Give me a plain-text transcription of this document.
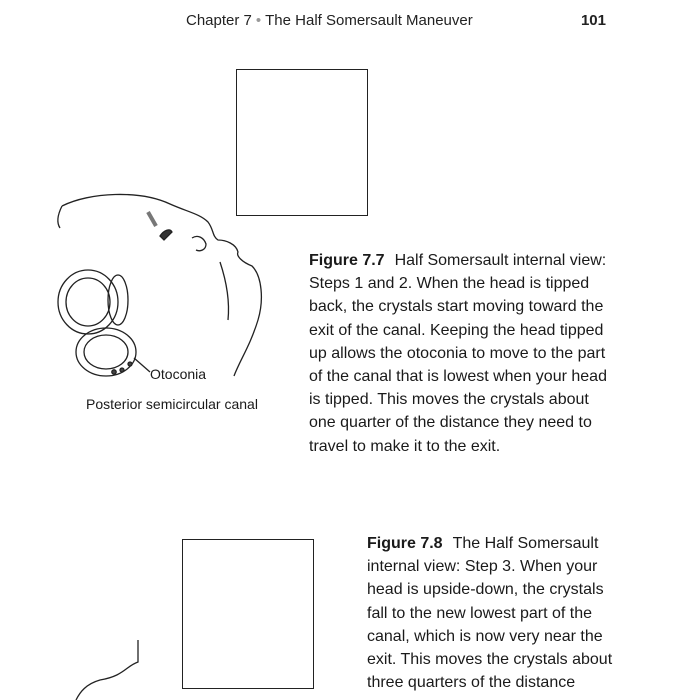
Chapter 7 • The Half Somersault Maneuver	101
Otoconia
Posterior semicircular canal
Figure 7.7 Half Somersault internal view: Steps 1 and 2. When the head is tipped back, the crystals start moving toward the exit of the canal. Keeping the head tipped up allows the otoconia to move to the part of the canal that is lowest when your head is tipped. This moves the crystals about one quarter of the distance they need to travel to make it to the exit.
Figure 7.8 The Half Somersault internal view: Step 3. When your head is upside-down, the crystals fall to the new lowest part of the canal, which is now very near the exit. This moves the crystals about three quarters of the distance
